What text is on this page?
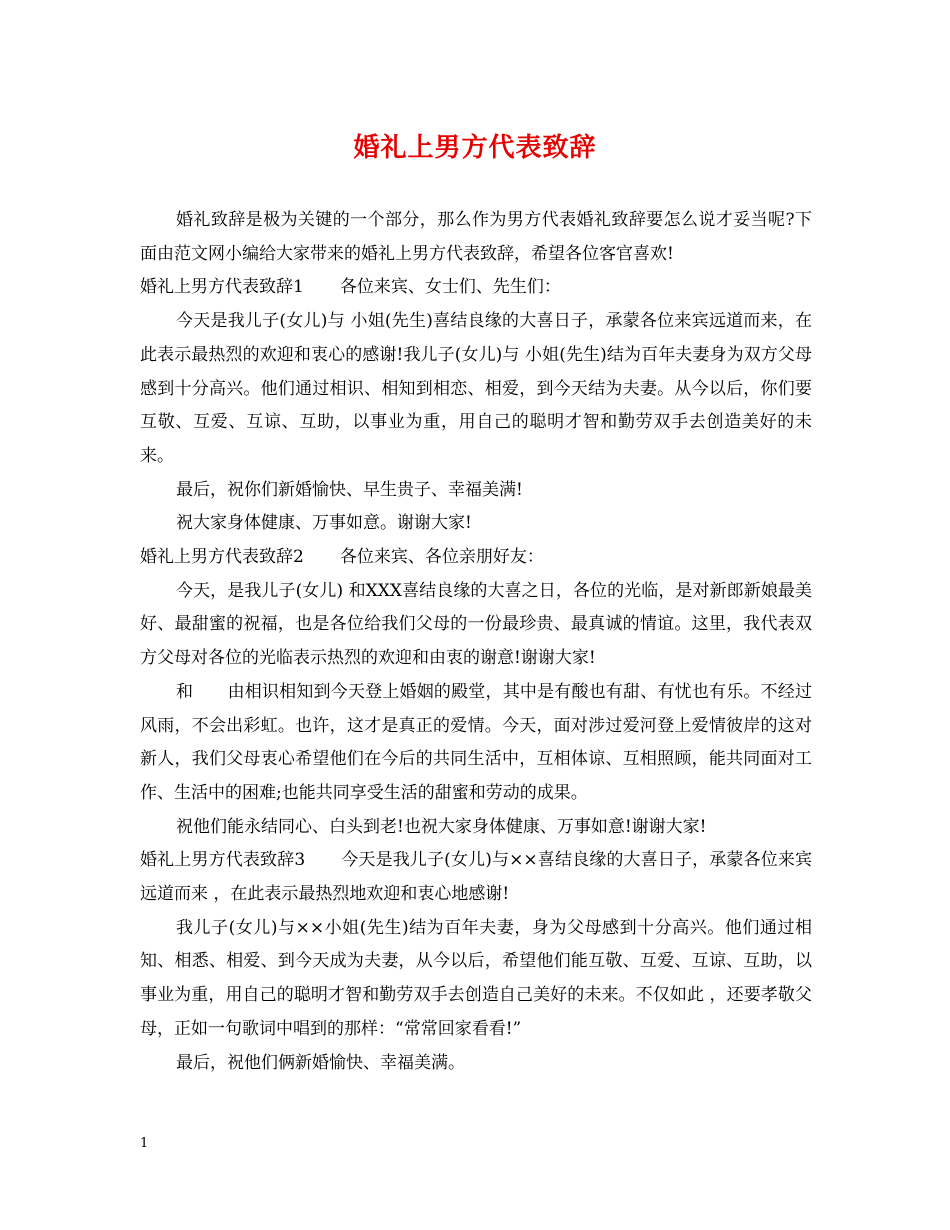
婚礼上男方代表致辞

婚礼致辞是极为关键的一个部分，那么作为男方代表婚礼致辞要怎么说才妥当呢?下面由范文网小编给大家带来的婚礼上男方代表致辞，希望各位客官喜欢!

婚礼上男方代表致辞1 各位来宾、女士们、先生们：

今天是我儿子(女儿)与 小姐(先生)喜结良缘的大喜日子，承蒙各位来宾远道而来，在此表示最热烈的欢迎和衷心的感谢!我儿子(女儿)与 小姐(先生)结为百年夫妻身为双方父母感到十分高兴。他们通过相识、相知到相恋、相爱，到今天结为夫妻。从今以后，你们要互敬、互爱、互谅、互助，以事业为重，用自己的聪明才智和勤劳双手去创造美好的未来。

最后，祝你们新婚愉快、早生贵子、幸福美满!

祝大家身体健康、万事如意。谢谢大家!

婚礼上男方代表致辞2 各位来宾、各位亲朋好友：

今天，是我儿子(女儿) 和XXX喜结良缘的大喜之日，各位的光临，是对新郎新娘最美好、最甜蜜的祝福，也是各位给我们父母的一份最珍贵、最真诚的情谊。这里，我代表双方父母对各位的光临表示热烈的欢迎和由衷的谢意!谢谢大家!

和　　由相识相知到今天登上婚姻的殿堂，其中是有酸也有甜、有忧也有乐。不经过风雨，不会出彩虹。也许，这才是真正的爱情。今天，面对涉过爱河登上爱情彼岸的这对新人，我们父母衷心希望他们在今后的共同生活中，互相体谅、互相照顾，能共同面对工作、生活中的困难;也能共同享受生活的甜蜜和劳动的成果。

祝他们能永结同心、白头到老!也祝大家身体健康、万事如意!谢谢大家!

婚礼上男方代表致辞3 今天是我儿子(女儿)与××喜结良缘的大喜日子，承蒙各位来宾远道而来 ，在此表示最热烈地欢迎和衷心地感谢!

我儿子(女儿)与××小姐(先生)结为百年夫妻，身为父母感到十分高兴。他们通过相知、相悉、相爱、到今天成为夫妻，从今以后，希望他们能互敬、互爱、互谅、互助，以事业为重，用自己的聪明才智和勤劳双手去创造自己美好的未来。不仅如此 ，还要孝敬父母，正如一句歌词中唱到的那样：“常常回家看看!”

最后，祝他们俩新婚愉快、幸福美满。

1
